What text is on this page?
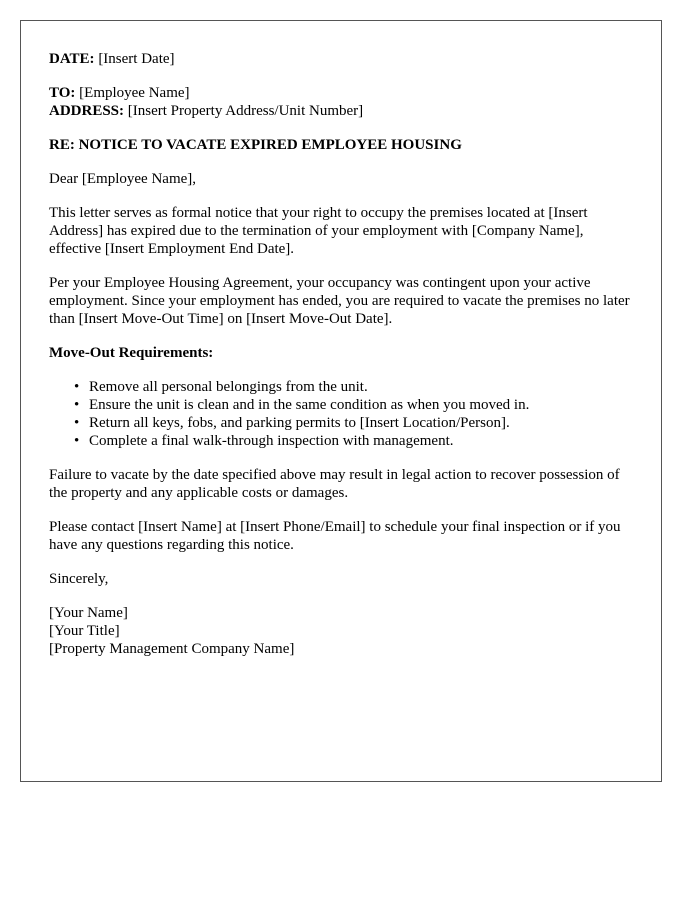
DATE: [Insert Date]
TO: [Employee Name]
ADDRESS: [Insert Property Address/Unit Number]
RE: NOTICE TO VACATE EXPIRED EMPLOYEE HOUSING
Dear [Employee Name],
This letter serves as formal notice that your right to occupy the premises located at [Insert Address] has expired due to the termination of your employment with [Company Name], effective [Insert Employment End Date].
Per your Employee Housing Agreement, your occupancy was contingent upon your active employment. Since your employment has ended, you are required to vacate the premises no later than [Insert Move-Out Time] on [Insert Move-Out Date].
Move-Out Requirements:
• Remove all personal belongings from the unit.
• Ensure the unit is clean and in the same condition as when you moved in.
• Return all keys, fobs, and parking permits to [Insert Location/Person].
• Complete a final walk-through inspection with management.
Failure to vacate by the date specified above may result in legal action to recover possession of the property and any applicable costs or damages.
Please contact [Insert Name] at [Insert Phone/Email] to schedule your final inspection or if you have any questions regarding this notice.
Sincerely,
[Your Name]
[Your Title]
[Property Management Company Name]
